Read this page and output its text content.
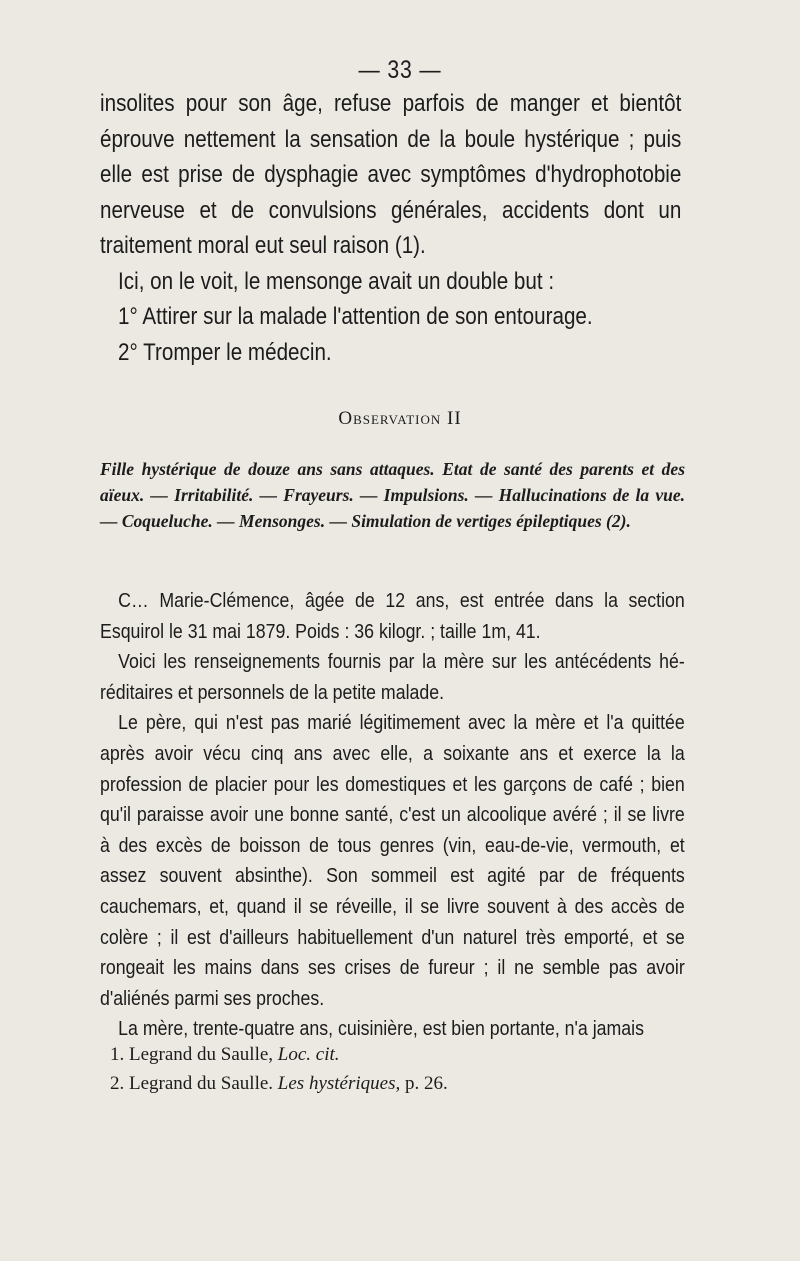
— 33 —
insolites pour son âge, refuse parfois de manger et bientôt éprouve nettement la sensation de la boule hystérique ; puis elle est prise de dysphagie avec symptômes d'hydrophotobie nerveuse et de convulsions générales, accidents dont un traitement moral eut seul raison (1).
Ici, on le voit, le mensonge avait un double but :
1° Attirer sur la malade l'attention de son entourage.
2° Tromper le médecin.
Observation II
Fille hystérique de douze ans sans attaques. Etat de santé des parents et des aïeux. — Irritabilité. — Frayeurs. — Impulsions. — Hallucinations de la vue. — Coqueluche. — Mensonges. — Simulation de vertiges épileptiques (2).

C… Marie-Clémence, âgée de 12 ans, est entrée dans la section Esquirol le 31 mai 1879. Poids : 36 kilogr. ; taille 1m, 41.

Voici les renseignements fournis par la mère sur les antécédents héréditaires et personnels de la petite malade.

Le père, qui n'est pas marié légitimement avec la mère et l'a quittée après avoir vécu cinq ans avec elle, a soixante ans et exerce la la profession de placier pour les domestiques et les garçons de café ; bien qu'il paraisse avoir une bonne santé, c'est un alcoolique avéré ; il se livre à des excès de boisson de tous genres (vin, eau-de-vie, vermouth, et assez souvent absinthe). Son sommeil est agité par de fréquents cauchemars, et, quand il se réveille, il se livre souvent à des accès de colère ; il est d'ailleurs habituellement d'un naturel très emporté, et se rongeait les mains dans ses crises de fureur ; il ne semble pas avoir d'aliénés parmi ses proches.

La mère, trente-quatre ans, cuisinière, est bien portante, n'a jamais

1. Legrand du Saulle, Loc. cit.
2. Legrand du Saulle. Les hystériques, p. 26.
